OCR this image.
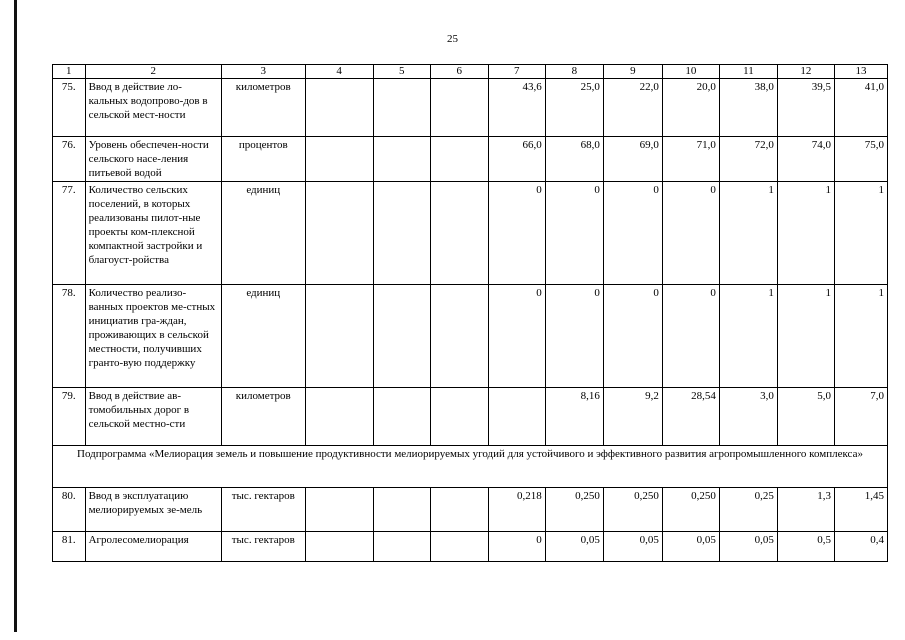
25
1	2	3	4	5	6	7	8	9	10	11	12	13
75.	Ввод в действие ло-кальных водопрово-дов в сельской мест-ности	километров				43,6	25,0	22,0	20,0	38,0	39,5	41,0
76.	Уровень обеспечен-ности сельского насе-ления питьевой водой	процентов				66,0	68,0	69,0	71,0	72,0	74,0	75,0
77.	Количество сельских поселений, в которых реализованы пилот-ные проекты ком-плексной компактной застройки и благоуст-ройства	единиц				0	0	0	0	1	1	1
78.	Количество реализо-ванных проектов ме-стных инициатив гра-ждан, проживающих в сельской местности, получивших гранто-вую поддержку	единиц				0	0	0	0	1	1	1
79.	Ввод в действие ав-томобильных дорог в сельской местно-сти	километров					8,16	9,2	28,54	3,0	5,0	7,0
Подпрограмма «Мелиорация земель и повышение продуктивности мелиорируемых угодий для устойчивого и эффективного развития агропромышленного комплекса»												
80.	Ввод в эксплуатацию мелиорируемых зе-мель	тыс. гектаров				0,218	0,250	0,250	0,250	0,25	1,3	1,45
81.	Агролесомелиорация	тыс. гектаров				0	0,05	0,05	0,05	0,05	0,5	0,4
